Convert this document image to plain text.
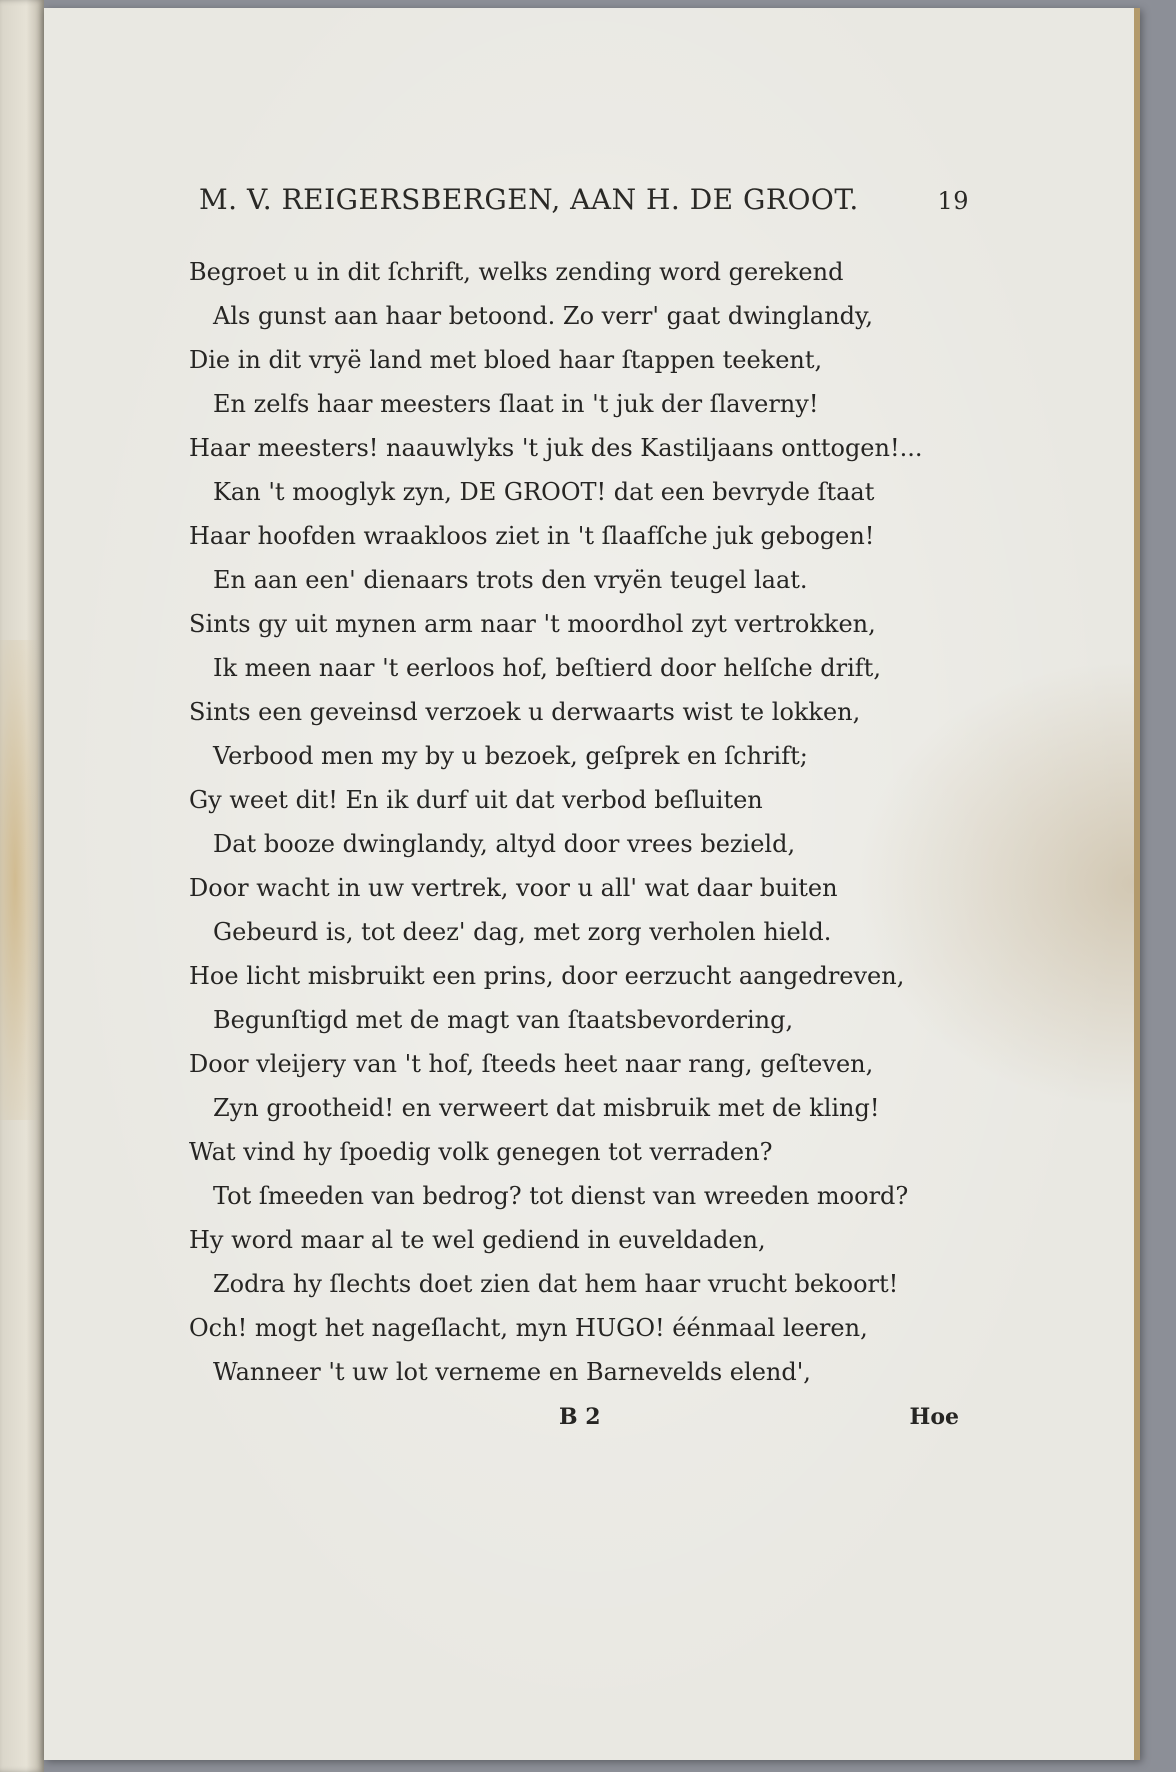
M. V. REIGERSBERGEN, AAN H. DE GROOT.	19
Begroet u in dit ſchrift, welks zending word gerekend
Als gunst aan haar betoond. Zo verr' gaat dwinglandy,
Die in dit vryë land met bloed haar ſtappen teekent,
En zelfs haar meesters ſlaat in 't juk der ſlaverny!
Haar meesters! naauwlyks 't juk des Kastiljaans onttogen!...
Kan 't mooglyk zyn, DE GROOT! dat een bevryde ſtaat
Haar hoofden wraakloos ziet in 't ſlaafſche juk gebogen!
En aan een' dienaars trots den vryën teugel laat.
Sints gy uit mynen arm naar 't moordhol zyt vertrokken,
Ik meen naar 't eerloos hof, beſtierd door helſche drift,
Sints een geveinsd verzoek u derwaarts wist te lokken,
Verbood men my by u bezoek, geſprek en ſchrift;
Gy weet dit! En ik durf uit dat verbod beſluiten
Dat booze dwinglandy, altyd door vrees bezield,
Door wacht in uw vertrek, voor u all' wat daar buiten
Gebeurd is, tot deez' dag, met zorg verholen hield.
Hoe licht misbruikt een prins, door eerzucht aangedreven,
Begunſtigd met de magt van ſtaatsbevordering,
Door vleijery van 't hof, ſteeds heet naar rang, geſteven,
Zyn grootheid! en verweert dat misbruik met de kling!
Wat vind hy ſpoedig volk genegen tot verraden?
Tot ſmeeden van bedrog? tot dienst van wreeden moord?
Hy word maar al te wel gediend in euveldaden,
Zodra hy ſlechts doet zien dat hem haar vrucht bekoort!
Och! mogt het nageſlacht, myn HUGO! éénmaal leeren,
Wanneer 't uw lot verneme en Barnevelds elend',
B 2	Hoe
